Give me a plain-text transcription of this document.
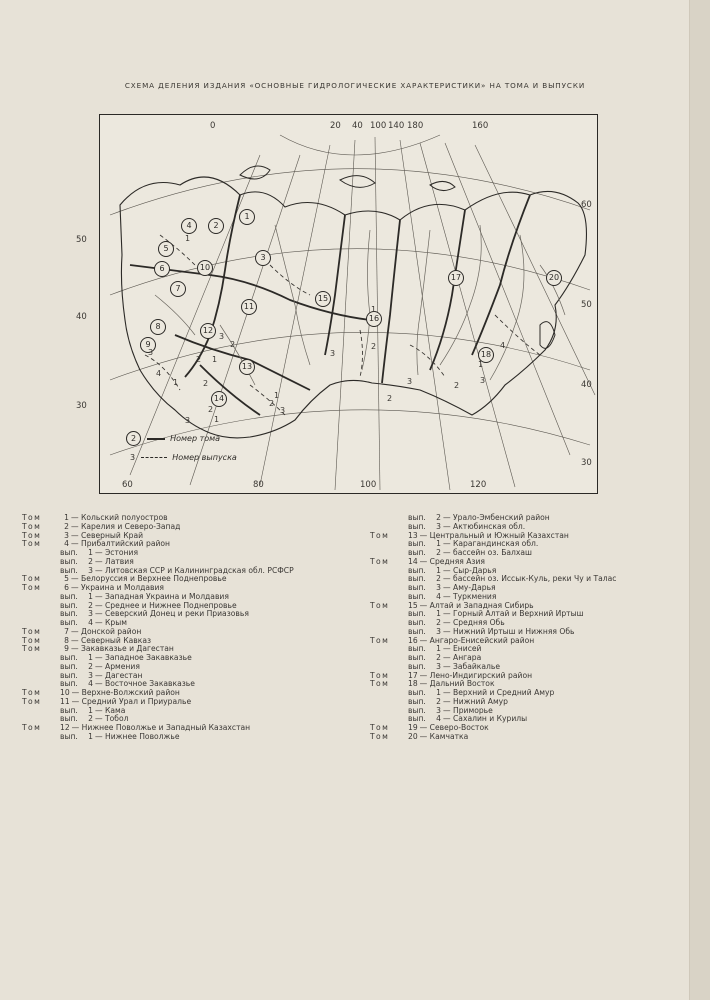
СХЕМА ДЕЛЕНИЯ ИЗДАНИЯ «ОСНОВНЫЕ ГИДРОЛОГИЧЕСКИЕ ХАРАКТЕРИСТИКИ» НА ТОМА И ВЫПУСКИ
1
2
3
4
5
6
7
8
9
10
11
12
13
14
15
16
17
18
20
1
2
3
1
2
3
4
1	2
3	1
2
1
2
3
3
2
1
3
2
1
3
2
4
0	20 40 100 140 180	160
50
40
30
60
50
40
30
60	80	100	120
2	Номер тома
3	Номер выпуска
Том	1 — Кольский полуостров
Том	2 — Карелия и Северо-Запад
Том	3 — Северный Край
Том	4 — Прибалтийский район
вып. 1 — Эстония
вып. 2 — Латвия
вып. 3 — Литовская ССР и Калининградская обл. РСФСР
Том	5 — Белоруссия и Верхнее Поднепровье
Том	6 — Украина и Молдавия
вып. 1 — Западная Украина и Молдавия
вып. 2 — Среднее и Нижнее Поднепровье
вып. 3 — Северский Донец и реки Приазовья
вып. 4 — Крым
Том	7 — Донской район
Том	8 — Северный Кавказ
Том	9 — Закавказье и Дагестан
вып. 1 — Западное Закавказье
вып. 2 — Армения
вып. 3 — Дагестан
вып. 4 — Восточное Закавказье
Том 10 — Верхне-Волжский район
Том 11 — Средний Урал и Приуралье
вып. 1 — Кама
вып. 2 — Тобол
Том 12 — Нижнее Поволжье и Западный Казахстан
вып. 1 — Нижнее Поволжье
вып. 2 — Урало-Эмбенский район
вып. 3 — Актюбинская обл.
Том 13 — Центральный и Южный Казахстан
вып. 1 — Карагандинская обл.
вып. 2 — бассейн оз. Балхаш
Том 14 — Средняя Азия
вып. 1 — Сыр-Дарья
вып. 2 — бассейн оз. Иссык-Куль, реки Чу и Талас
вып. 3 — Аму-Дарья
вып. 4 — Туркмения
Том 15 — Алтай и Западная Сибирь
вып. 1 — Горный Алтай и Верхний Иртыш
вып. 2 — Средняя Обь
вып. 3 — Нижний Иртыш и Нижняя Обь
Том 16 — Ангаро-Енисейский район
вып. 1 — Енисей
вып. 2 — Ангара
вып. 3 — Забайкалье
Том 17 — Лено-Индигирский район
Том 18 — Дальний Восток
вып. 1 — Верхний и Средний Амур
вып. 2 — Нижний Амур
вып. 3 — Приморье
вып. 4 — Сахалин и Курилы
Том 19 — Северо-Восток
Том 20 — Камчатка
